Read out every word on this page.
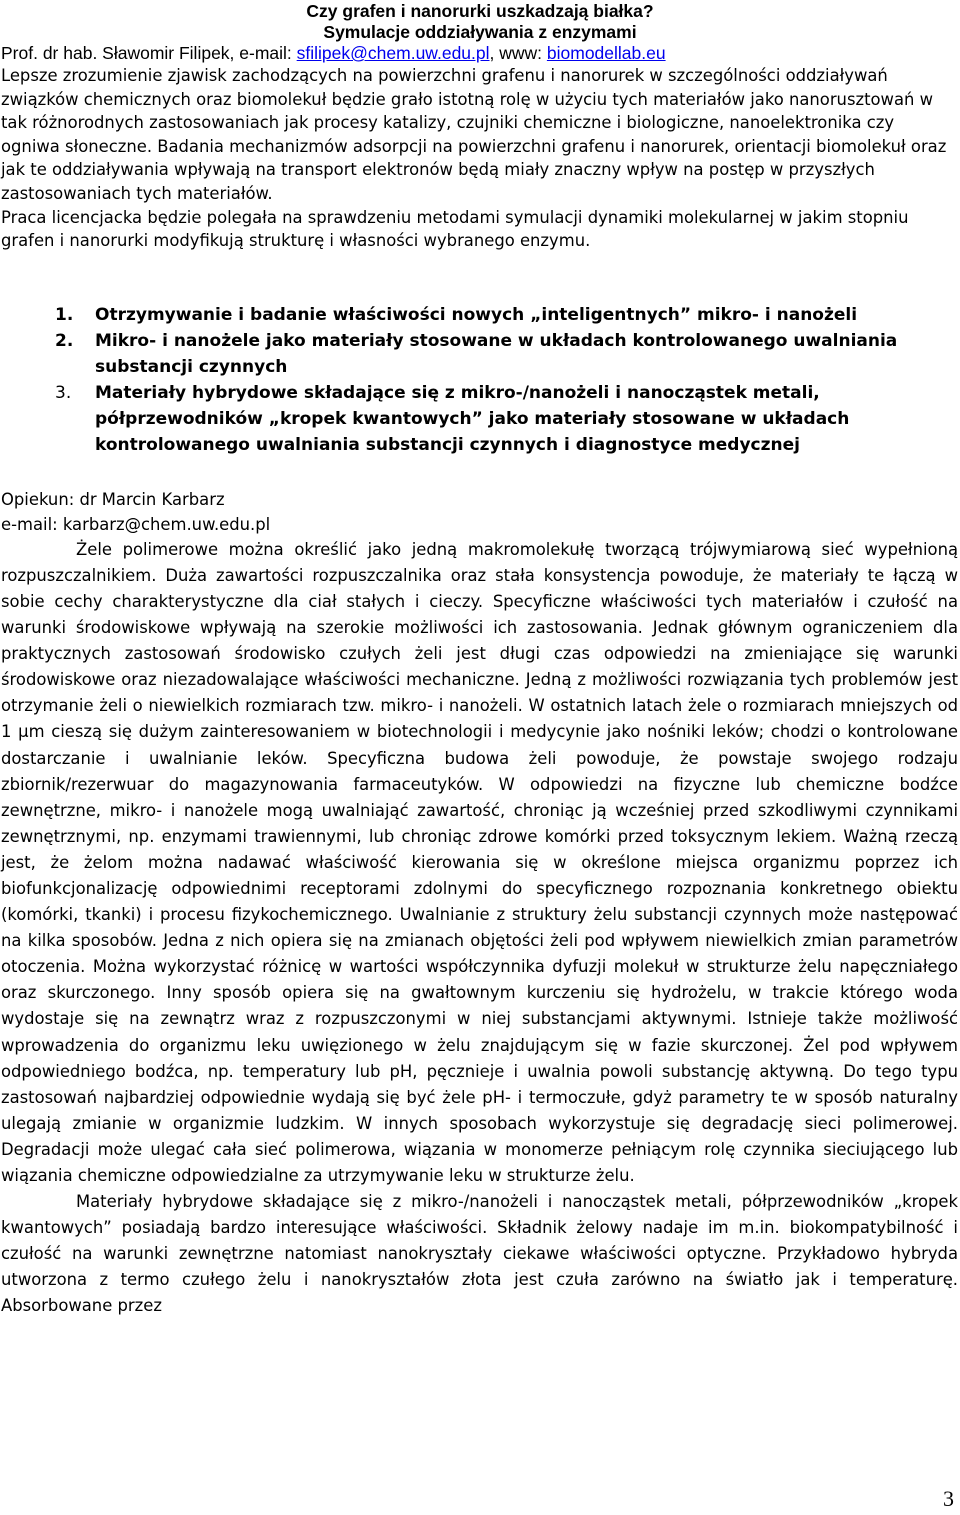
Czy grafen i nanorurki uszkadzają białka?

Symulacje oddziaływania z enzymami

Prof. dr hab. Sławomir Filipek, e-mail: sfilipek@chem.uw.edu.pl, www: biomodellab.eu

Lepsze zrozumienie zjawisk zachodzących na powierzchni grafenu i nanorurek w szczególności oddziaływań związków chemicznych oraz biomolekuł będzie grało istotną rolę w użyciu tych materiałów jako nanorusztowań w tak różnorodnych zastosowaniach jak procesy katalizy, czujniki chemiczne i biologiczne, nanoelektronika czy ogniwa słoneczne. Badania mechanizmów adsorpcji na powierzchni grafenu i nanorurek, orientacji biomolekuł oraz jak te oddziaływania wpływają na transport elektronów będą miały znaczny wpływ na postęp w przyszłych zastosowaniach tych materiałów.

Praca licencjacka będzie polegała na sprawdzeniu metodami symulacji dynamiki molekularnej w jakim stopniu grafen i nanorurki modyfikują strukturę i własności wybranego enzymu.

1. Otrzymywanie i badanie właściwości nowych „inteligentnych” mikro- i nanożeli
2. Mikro- i nanożele jako materiały stosowane w układach kontrolowanego uwalniania substancji czynnych
3. Materiały hybrydowe składające się z mikro-/nanożeli i nanocząstek metali, półprzewodników „kropek kwantowych” jako materiały stosowane w układach kontrolowanego uwalniania substancji czynnych i diagnostyce medycznej
Opiekun: dr Marcin Karbarz
e-mail: karbarz@chem.uw.edu.pl

Żele polimerowe można określić jako jedną makromolekułę tworzącą trójwymiarową sieć wypełnioną rozpuszczalnikiem. Duża zawartości rozpuszczalnika oraz stała konsystencja powoduje, że materiały te łączą w sobie cechy charakterystyczne dla ciał stałych i cieczy. Specyficzne właściwości tych materiałów i czułość na warunki środowiskowe wpływają na szerokie możliwości ich zastosowania. Jednak głównym ograniczeniem dla praktycznych zastosowań środowisko czułych żeli jest długi czas odpowiedzi na zmieniające się warunki środowiskowe oraz niezadowalające właściwości mechaniczne. Jedną z możliwości rozwiązania tych problemów jest otrzymanie żeli o niewielkich rozmiarach tzw. mikro- i nanożeli. W ostatnich latach żele o rozmiarach mniejszych od 1 μm cieszą się dużym zainteresowaniem w biotechnologii i medycynie jako nośniki leków; chodzi o kontrolowane dostarczanie i uwalnianie leków. Specyficzna budowa żeli powoduje, że powstaje swojego rodzaju zbiornik/rezerwuar do magazynowania farmaceutyków. W odpowiedzi na fizyczne lub chemiczne bodźce zewnętrzne, mikro- i nanożele mogą uwalniająć zawartość, chroniąc ją wcześniej przed szkodliwymi czynnikami zewnętrznymi, np. enzymami trawiennymi, lub chroniąc zdrowe komórki przed toksycznym lekiem. Ważną rzeczą jest, że żelom można nadawać właściwość kierowania się w określone miejsca organizmu poprzez ich biofunkcjonalizację odpowiednimi receptorami zdolnymi do specyficznego rozpoznania konkretnego obiektu (komórki, tkanki) i procesu fizykochemicznego. Uwalnianie z struktury żelu substancji czynnych może następować na kilka sposobów. Jedna z nich opiera się na zmianach objętości żeli pod wpływem niewielkich zmian parametrów otoczenia. Można wykorzystać różnicę w wartości współczynnika dyfuzji molekuł w strukturze żelu napęczniałego oraz skurczonego. Inny sposób opiera się na gwałtownym kurczeniu się hydrożelu, w trakcie którego woda wydostaje się na zewnątrz wraz z rozpuszczonymi w niej substancjami aktywnymi. Istnieje także możliwość wprowadzenia do organizmu leku uwięzionego w żelu znajdującym się w fazie skurczonej. Żel pod wpływem odpowiedniego bodźca, np. temperatury lub pH, pęcznieje i uwalnia powoli substancję aktywną. Do tego typu zastosowań najbardziej odpowiednie wydają się być żele pH- i termoczułe, gdyż parametry te w sposób naturalny ulegają zmianie w organizmie ludzkim. W innych sposobach wykorzystuje się degradację sieci polimerowej. Degradacji może ulegać cała sieć polimerowa, wiązania w monomerze pełniącym rolę czynnika sieciującego lub wiązania chemiczne odpowiedzialne za utrzymywanie leku w strukturze żelu.

Materiały hybrydowe składające się z mikro-/nanożeli i nanocząstek metali, półprzewodników „kropek kwantowych” posiadają bardzo interesujące właściwości. Składnik żelowy nadaje im m.in. biokompatybilność i czułość na warunki zewnętrzne natomiast nanokryształy ciekawe właściwości optyczne. Przykładowo hybryda utworzona z termo czułego żelu i nanokryształów złota jest czuła zarówno na światło jak i temperaturę. Absorbowane przez

3
